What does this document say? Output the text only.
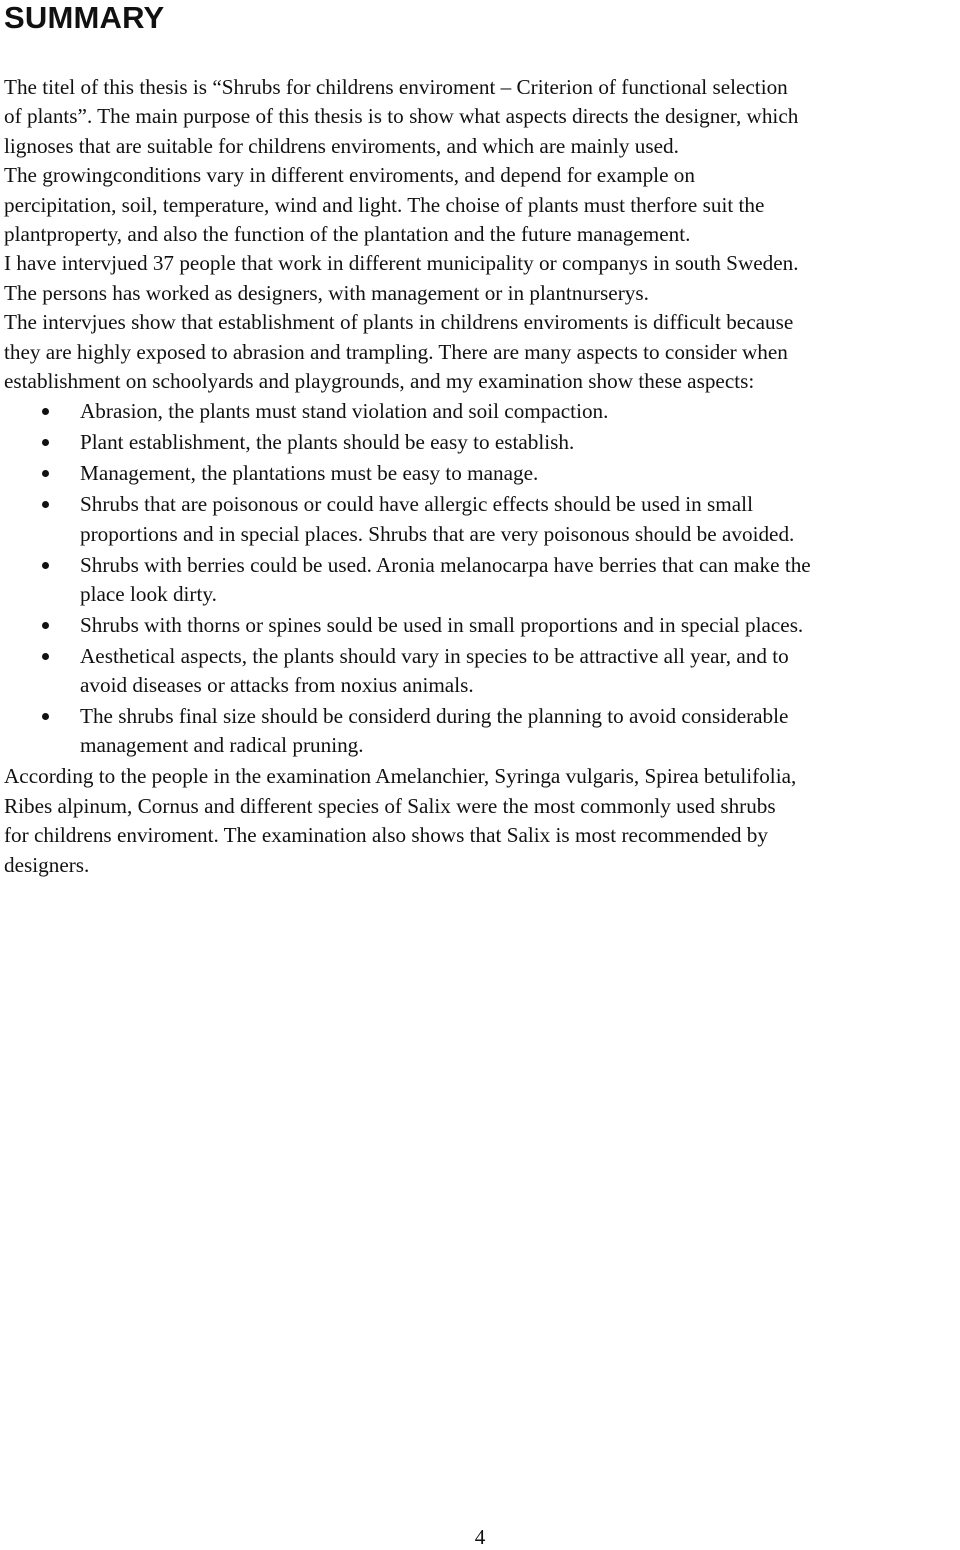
SUMMARY

The titel of this thesis is “Shrubs for childrens enviroment – Criterion of functional selection

of plants”. The main purpose of this thesis is to show what aspects directs the designer, which

lignoses that are suitable for childrens enviroments, and which are mainly used.

The growingconditions vary in different enviroments, and depend for example on

percipitation, soil, temperature, wind and light. The choise of plants must therfore suit the

plantproperty, and also the function of the plantation and the future management.

I have intervjued 37 people that work in different municipality or companys in south Sweden.

The persons has worked as designers, with management or in plantnurserys.

The intervjues show that establishment of plants in childrens enviroments is difficult because

they are highly exposed to abrasion and trampling. There are many aspects to consider when

establishment on schoolyards and playgrounds, and my examination show these aspects:

Abrasion, the plants must stand violation and soil compaction.
Plant establishment, the plants should be easy to establish.
Management, the plantations must be easy to manage.
Shrubs that are poisonous or could have allergic effects should be used in small
proportions and in special places. Shrubs that are very poisonous should be avoided.
Shrubs with berries could be used. Aronia melanocarpa have berries that can make the
place look dirty.
Shrubs with thorns or spines sould be used in small proportions and in special places.
Aesthetical aspects, the plants should vary in species to be attractive all year, and to
avoid diseases or attacks from noxius animals.
The shrubs final size should be considerd during the planning to avoid considerable
management and radical pruning.

According to the people in the examination Amelanchier, Syringa vulgaris, Spirea betulifolia,

Ribes alpinum, Cornus and different species of Salix were the most commonly used shrubs

for childrens enviroment. The examination also shows that Salix is most recommended by

designers.

4
